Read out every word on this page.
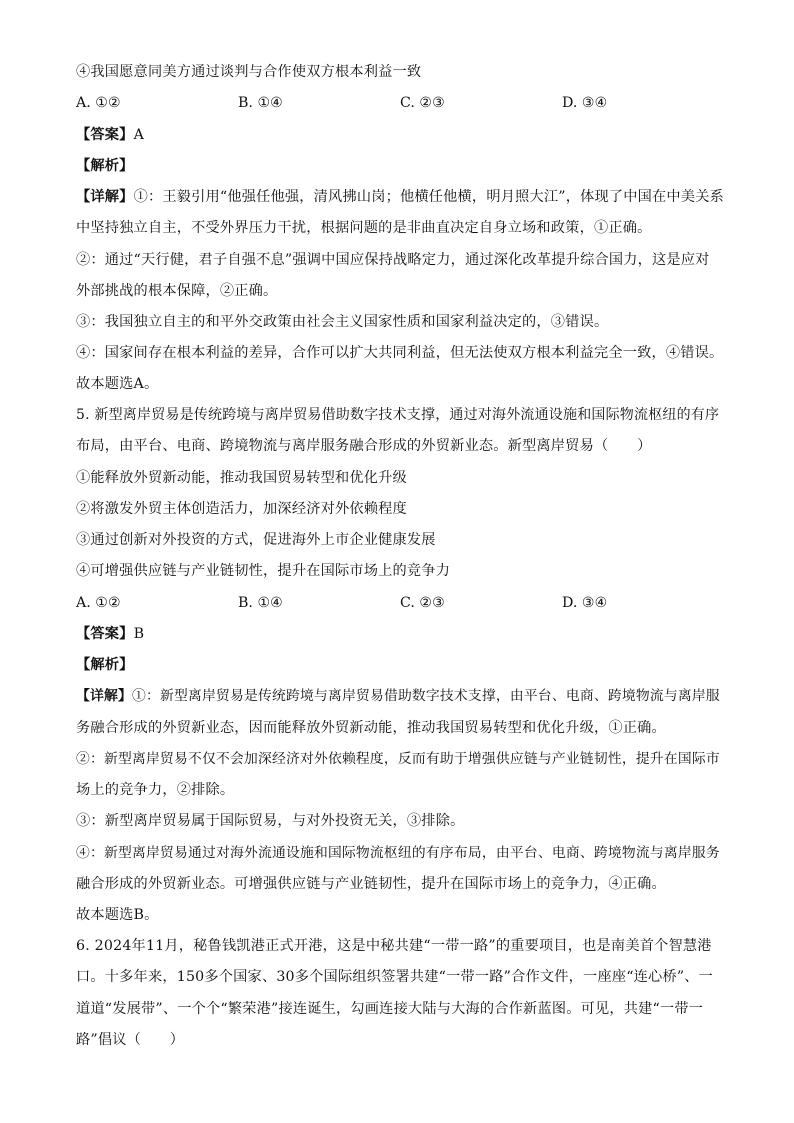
④我国愿意同美方通过谈判与合作使双方根本利益一致
A. ①②	B. ①④	C. ②③	D. ③④
【答案】A
【解析】
【详解】①：王毅引用“他强任他强，清风拂山岗；他横任他横，明月照大江”，体现了中国在中美关系
中坚持独立自主，不受外界压力干扰，根据问题的是非曲直决定自身立场和政策，①正确。
②：通过“天行健，君子自强不息”强调中国应保持战略定力，通过深化改革提升综合国力，这是应对
外部挑战的根本保障，②正确。
③：我国独立自主的和平外交政策由社会主义国家性质和国家利益决定的，③错误。
④：国家间存在根本利益的差异，合作可以扩大共同利益，但无法使双方根本利益完全一致，④错误。
故本题选A。
5. 新型离岸贸易是传统跨境与离岸贸易借助数字技术支撑，通过对海外流通设施和国际物流枢纽的有序
布局，由平台、电商、跨境物流与离岸服务融合形成的外贸新业态。新型离岸贸易（　　）
①能释放外贸新动能，推动我国贸易转型和优化升级
②将激发外贸主体创造活力，加深经济对外依赖程度
③通过创新对外投资的方式，促进海外上市企业健康发展
④可增强供应链与产业链韧性，提升在国际市场上的竞争力
A. ①②	B. ①④	C. ②③	D. ③④
【答案】B
【解析】
【详解】①：新型离岸贸易是传统跨境与离岸贸易借助数字技术支撑，由平台、电商、跨境物流与离岸服
务融合形成的外贸新业态，因而能释放外贸新动能，推动我国贸易转型和优化升级，①正确。
②：新型离岸贸易不仅不会加深经济对外依赖程度，反而有助于增强供应链与产业链韧性，提升在国际市
场上的竞争力，②排除。
③：新型离岸贸易属于国际贸易，与对外投资无关，③排除。
④：新型离岸贸易通过对海外流通设施和国际物流枢纽的有序布局，由平台、电商、跨境物流与离岸服务
融合形成的外贸新业态。可增强供应链与产业链韧性，提升在国际市场上的竞争力，④正确。
故本题选B。
6. 2024年11月，秘鲁钱凯港正式开港，这是中秘共建“一带一路”的重要项目，也是南美首个智慧港
口。十多年来，150多个国家、30多个国际组织签署共建“一带一路”合作文件，一座座“连心桥”、一
道道“发展带”、一个个“繁荣港”接连诞生，勾画连接大陆与大海的合作新蓝图。可见，共建“一带一
路”倡议（　　）
